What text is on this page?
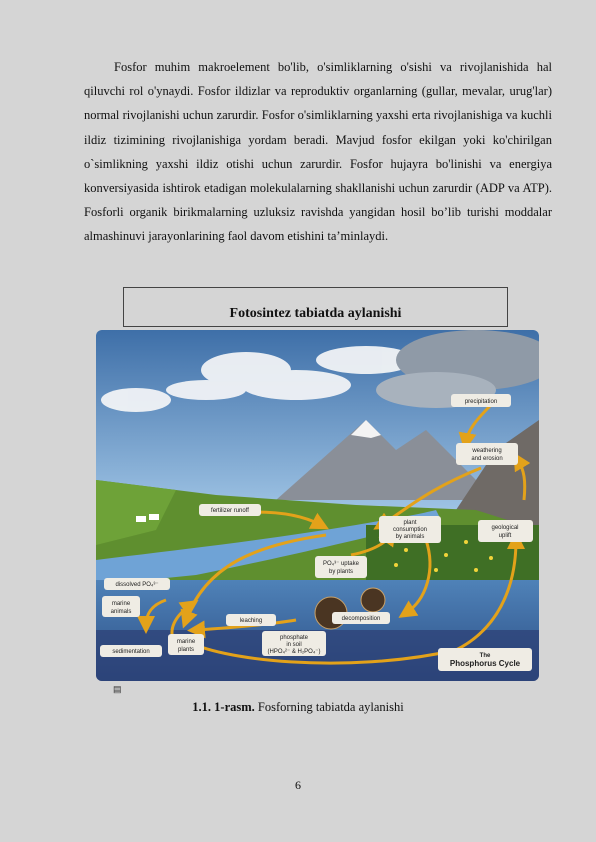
Fosfor muhim makroelement bo'lib, o'simliklarning o'sishi va rivojlanishida hal qiluvchi rol o'ynaydi. Fosfor ildizlar va reproduktiv organlarning (gullar, mevalar, urug'lar) normal rivojlanishi uchun zarurdir. Fosfor o'simliklarning yaxshi erta rivojlanishiga va kuchli ildiz tizimining rivojlanishiga yordam beradi. Mavjud fosfor ekilgan yoki ko'chirilgan o`simlikning yaxshi ildiz otishi uchun zarurdir. Fosfor hujayra bo'linishi va energiya konversiyasida ishtirok etadigan molekulalarning shakllanishi uchun zarurdir (ADP va ATP). Fosforli organik birikmalarning uzluksiz ravishda yangidan hosil bo’lib turishi moddalar almashinuvi jarayonlarining faol davom etishini ta’minlaydi.

Fotosintez tabiatda aylanishi
precipitation
weathering
and erosion
fertilizer runoff
plant
consumption
by animals
geological
uplift
PO₄³⁻ uptake
by plants
dissolved PO₄³⁻
marine
animals
leaching	decomposition
phosphate
in soil
(HPO₄²⁻ & H₂PO₄⁻)
marine
plants
sedimentation
The
Phosphorus Cycle
▤
1.1. 1-rasm. Fosforning tabiatda aylanishi
6
